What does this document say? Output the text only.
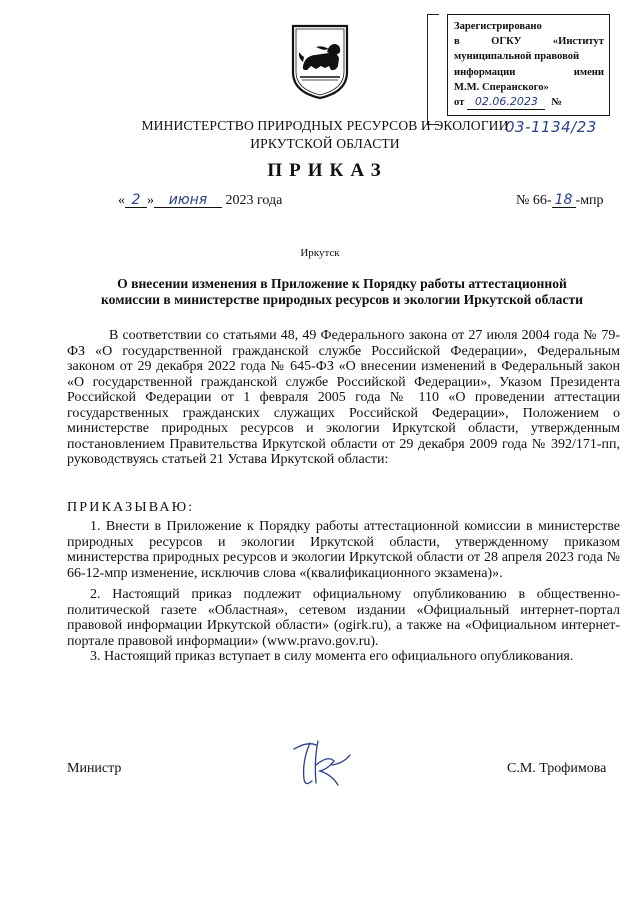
Зарегистрировано
в	ОГКУ	«Институт
муниципальной правовой
информации	имени
М.М. Сперанского»
от 02.06.2023	№
03-1134/23
МИНИСТЕРСТВО ПРИРОДНЫХ РЕСУРСОВ И ЭКОЛОГИИ
ИРКУТСКОЙ ОБЛАСТИ
ПРИКАЗ
« 2 » июня 2023 года	№ 66- 18 -мпр
Иркутск
О внесении изменения в Приложение к Порядку работы аттестационной
комиссии в министерстве природных ресурсов и экологии Иркутской области

В соответствии со статьями 48, 49 Федерального закона от 27 июля 2004 года № 79-ФЗ «О государственной гражданской службе Российской Федерации», Федеральным законом от 29 декабря 2022 года № 645-ФЗ «О внесении изменений в Федеральный закон «О государственной гражданской службе Российской Федерации», Указом Президента Российской Федерации от 1 февраля 2005 года № 110 «О проведении аттестации государственных гражданских служащих Российской Федерации», Положением о министерстве природных ресурсов и экологии Иркутской области, утвержденным постановлением Правительства Иркутской области от 29 декабря 2009 года № 392/171-пп, руководствуясь статьей 21 Устава Иркутской области:

ПРИКАЗЫВАЮ:

1. Внести в Приложение к Порядку работы аттестационной комиссии в министерстве природных ресурсов и экологии Иркутской области, утвержденному приказом министерства природных ресурсов и экологии Иркутской области от 28 апреля 2023 года № 66-12-мпр изменение, исключив слова «(квалификационного экзамена)».

2. Настоящий приказ подлежит официальному опубликованию в общественно-политической газете «Областная», сетевом издании «Официальный интернет-портал правовой информации Иркутской области» (ogirk.ru), а также на «Официальном интернет-портале правовой информации» (www.pravo.gov.ru).

3. Настоящий приказ вступает в силу момента его официального опубликования.

Министр	С.М. Трофимова
